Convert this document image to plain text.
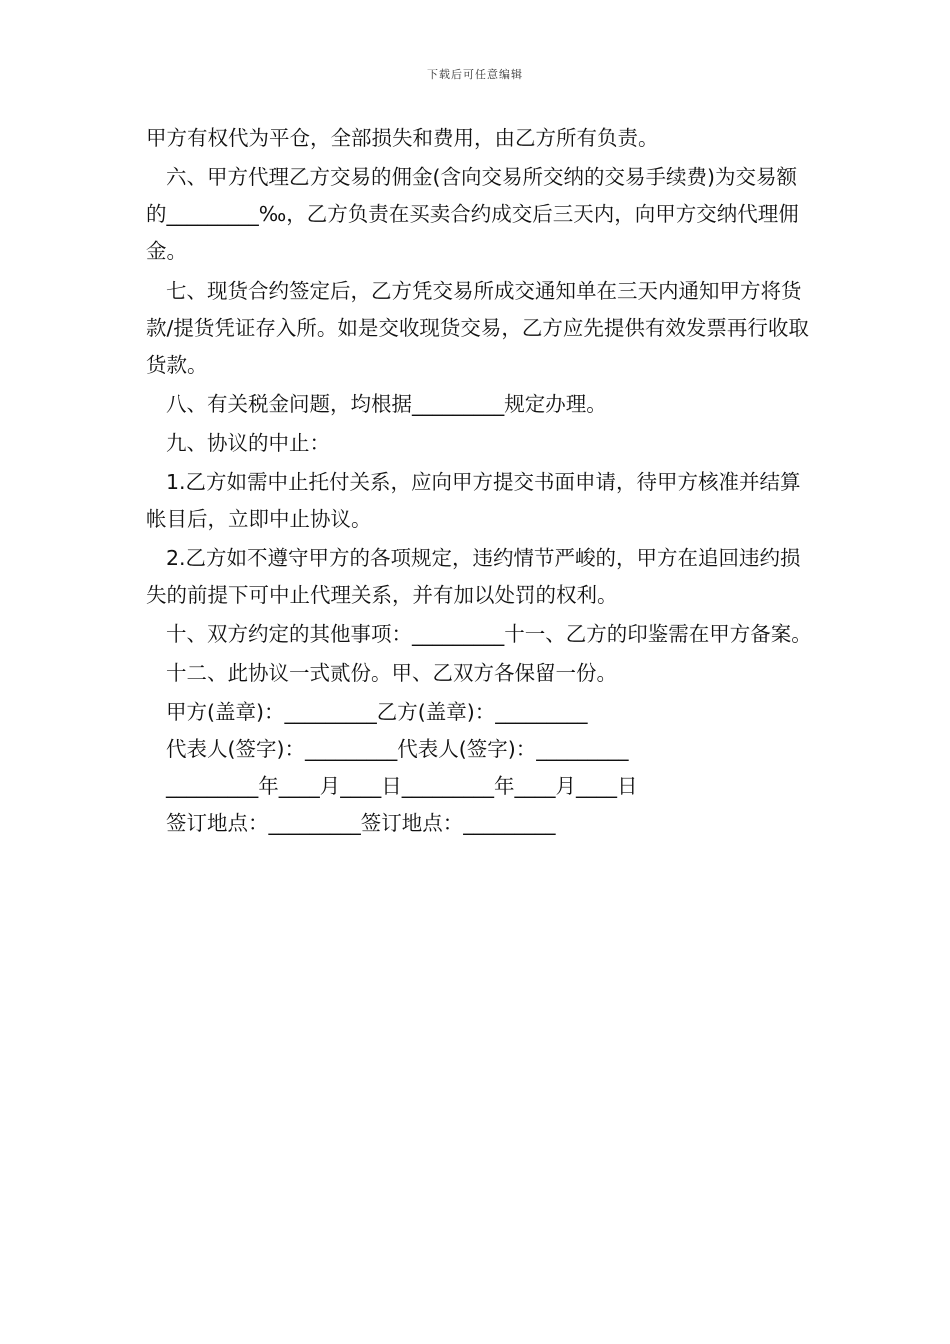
下载后可任意编辑

甲方有权代为平仓，全部损失和费用，由乙方所有负责。

六、甲方代理乙方交易的佣金(含向交易所交纳的交易手续费)为交易额的_________‰，乙方负责在买卖合约成交后三天内，向甲方交纳代理佣金。

七、现货合约签定后，乙方凭交易所成交通知单在三天内通知甲方将货款/提货凭证存入所。如是交收现货交易，乙方应先提供有效发票再行收取货款。

八、有关税金问题，均根据_________规定办理。

九、协议的中止：

1.乙方如需中止托付关系，应向甲方提交书面申请，待甲方核准并结算帐目后，立即中止协议。

2.乙方如不遵守甲方的各项规定，违约情节严峻的，甲方在追回违约损失的前提下可中止代理关系，并有加以处罚的权利。

十、双方约定的其他事项：_________十一、乙方的印鉴需在甲方备案。

十二、此协议一式贰份。甲、乙双方各保留一份。

甲方(盖章)：_________乙方(盖章)：_________

代表人(签字)：_________代表人(签字)：_________

_________年____月____日_________年____月____日

签订地点：_________签订地点：_________
